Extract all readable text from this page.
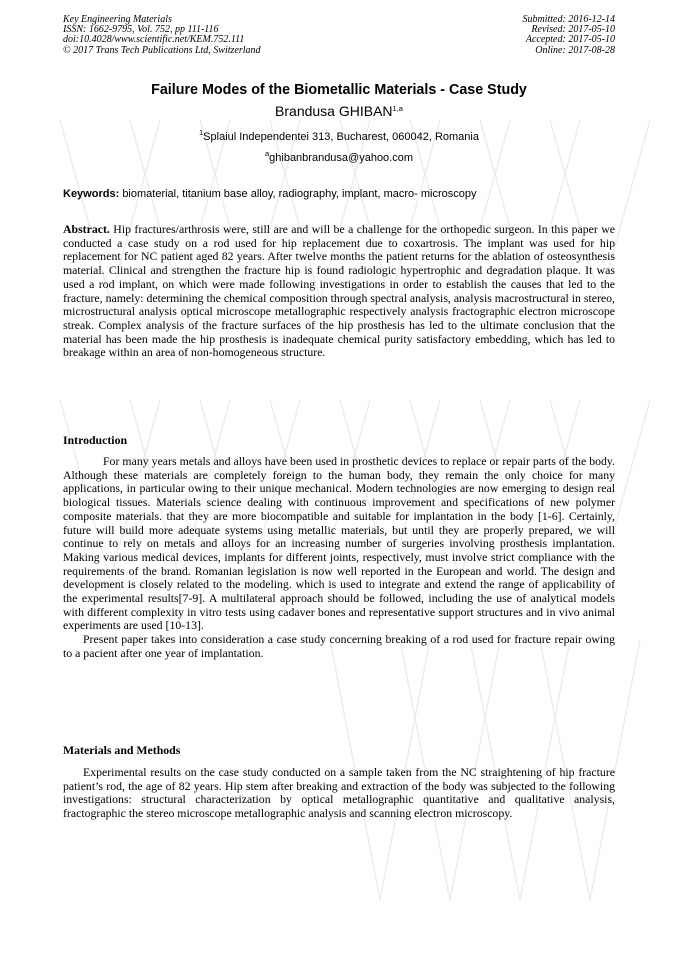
Key Engineering Materials
ISSN: 1662-9795, Vol. 752, pp 111-116
doi:10.4028/www.scientific.net/KEM.752.111
© 2017 Trans Tech Publications Ltd, Switzerland
Submitted: 2016-12-14
Revised: 2017-05-10
Accepted: 2017-05-10
Online: 2017-08-28
Failure Modes of the Biometallic Materials - Case Study
Brandusa GHIBAN$^{1,a}$
$^1$Splaiul Independentei 313, Bucharest, 060042, Romania
$^a$ghibanbrandusa@yahoo.com
Keywords: biomaterial, titanium base alloy, radiography, implant, macro- microscopy

Abstract. Hip fractures/arthrosis were, still are and will be a challenge for the orthopedic surgeon. In this paper we conducted a case study on a rod used for hip replacement due to coxartrosis. The implant was used for hip replacement for NC patient aged 82 years. After twelve months the patient returns for the ablation of osteosynthesis material. Clinical and strengthen the fracture hip is found radiologic hypertrophic and degradation plaque. It was used a rod implant, on which were made following investigations in order to establish the causes that led to the fracture, namely: determining the chemical composition through spectral analysis, analysis macrostructural in stereo, microstructural analysis optical microscope metallographic respectively analysis fractographic electron microscope streak. Complex analysis of the fracture surfaces of the hip prosthesis has led to the ultimate conclusion that the material has been made the hip prosthesis is inadequate chemical purity satisfactory embedding, which has led to breakage within an area of non-homogeneous structure.

Introduction

For many years metals and alloys have been used in prosthetic devices to replace or repair parts of the body. Although these materials are completely foreign to the human body, they remain the only choice for many applications, in particular owing to their unique mechanical. Modern technologies are now emerging to design real biological tissues. Materials science dealing with continuous improvement and specifications of new polymer composite materials. that they are more biocompatible and suitable for implantation in the body [1-6]. Certainly, future will build more adequate systems using metallic materials, but until they are properly prepared, we will continue to rely on metals and alloys for an increasing number of surgeries involving prosthesis implantation. Making various medical devices, implants for different joints, respectively, must involve strict compliance with the requirements of the brand. Romanian legislation is now well reported in the European and world. The design and development is closely related to the modeling. which is used to integrate and extend the range of applicability of the experimental results[7-9]. A multilateral approach should be followed, including the use of analytical models with different complexity in vitro tests using cadaver bones and representative support structures and in vivo animal experiments are used [10-13].

Present paper takes into consideration a case study concerning breaking of a rod used for fracture repair owing to a pacient after one year of implantation.

Materials and Methods

Experimental results on the case study conducted on a sample taken from the NC straightening of hip fracture patient’s rod, the age of 82 years. Hip stem after breaking and extraction of the body was subjected to the following investigations: structural characterization by optical metallographic quantitative and qualitative analysis, fractographic the stereo microscope metallographic analysis and scanning electron microscopy.
